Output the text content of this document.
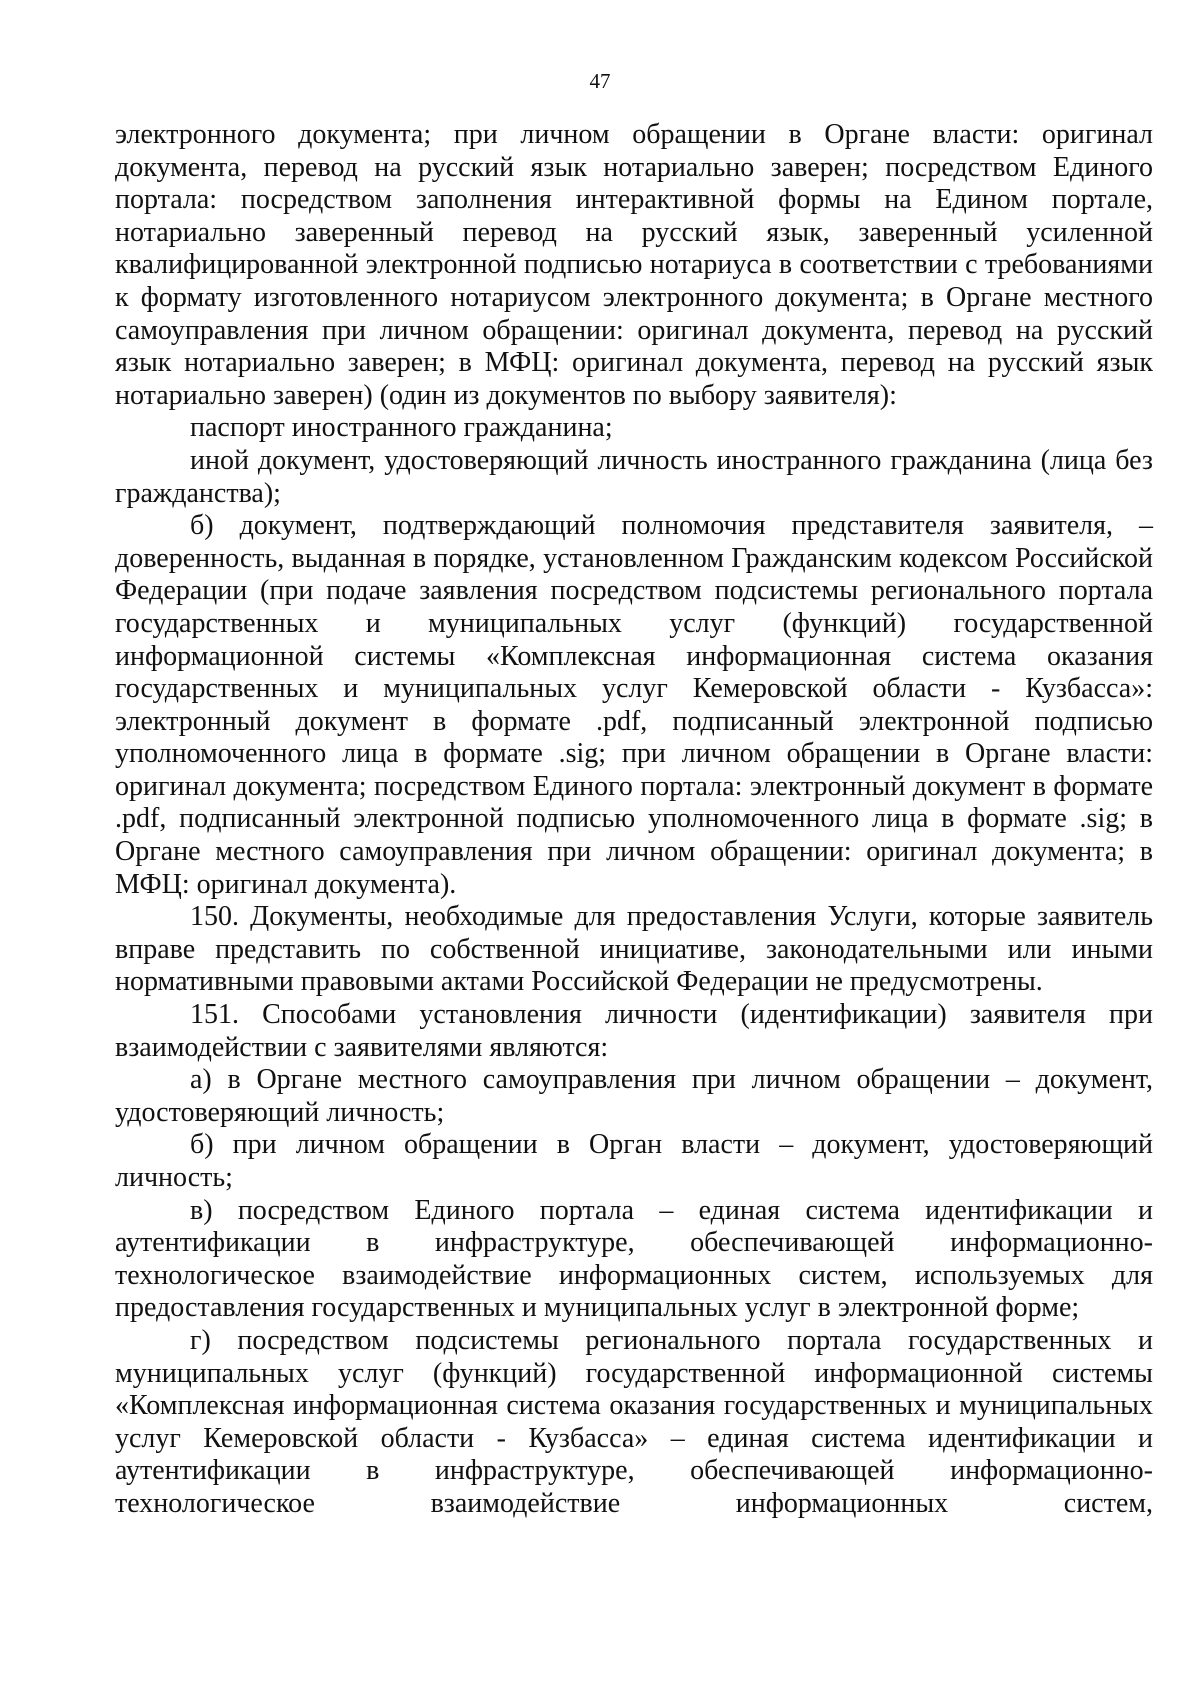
47

электронного документа; при личном обращении в Органе власти: оригинал документа, перевод на русский язык нотариально заверен; посредством Единого портала: посредством заполнения интерактивной формы на Едином портале, нотариально заверенный перевод на русский язык, заверенный усиленной квалифицированной электронной подписью нотариуса в соответствии с требованиями к формату изготовленного нотариусом электронного документа; в Органе местного самоуправления при личном обращении: оригинал документа, перевод на русский язык нотариально заверен; в МФЦ: оригинал документа, перевод на русский язык нотариально заверен) (один из документов по выбору заявителя):

паспорт иностранного гражданина;

иной документ, удостоверяющий личность иностранного гражданина (лица без гражданства);

б) документ, подтверждающий полномочия представителя заявителя, – доверенность, выданная в порядке, установленном Гражданским кодексом Российской Федерации (при подаче заявления посредством подсистемы регионального портала государственных и муниципальных услуг (функций) государственной информационной системы «Комплексная информационная система оказания государственных и муниципальных услуг Кемеровской области - Кузбасса»: электронный документ в формате .pdf, подписанный электронной подписью уполномоченного лица в формате .sig; при личном обращении в Органе власти: оригинал документа; посредством Единого портала: электронный документ в формате .pdf, подписанный электронной подписью уполномоченного лица в формате .sig; в Органе местного самоуправления при личном обращении: оригинал документа; в МФЦ: оригинал документа).

150. Документы, необходимые для предоставления Услуги, которые заявитель вправе представить по собственной инициативе, законодательными или иными нормативными правовыми актами Российской Федерации не предусмотрены.

151. Способами установления личности (идентификации) заявителя при взаимодействии с заявителями являются:

а) в Органе местного самоуправления при личном обращении – документ, удостоверяющий личность;

б) при личном обращении в Орган власти – документ, удостоверяющий личность;

в) посредством Единого портала – единая система идентификации и аутентификации в инфраструктуре, обеспечивающей информационно-технологическое взаимодействие информационных систем, используемых для предоставления государственных и муниципальных услуг в электронной форме;

г) посредством подсистемы регионального портала государственных и муниципальных услуг (функций) государственной информационной системы «Комплексная информационная система оказания государственных и муниципальных услуг Кемеровской области - Кузбасса» – единая система идентификации и аутентификации в инфраструктуре, обеспечивающей информационно-технологическое взаимодействие информационных систем,
